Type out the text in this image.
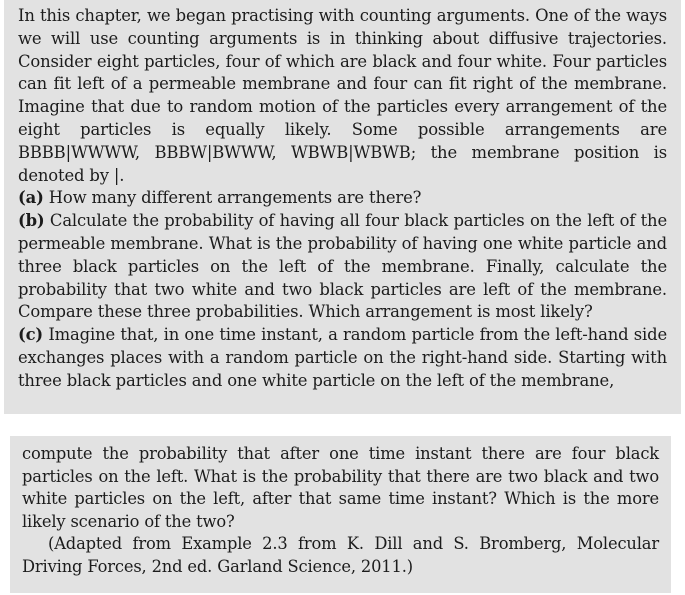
In this chapter, we began practising with counting arguments. One of the ways we will use counting arguments is in thinking about diffusive trajectories. Consider eight particles, four of which are black and four white. Four particles can fit left of a permeable membrane and four can fit right of the membrane. Imagine that due to random motion of the particles every arrangement of the eight particles is equally likely. Some possible arrangements are BBBB|WWWW, BBBW|BWWW, WBWB|WBWB; the membrane position is denoted by |.

(a) How many different arrangements are there?

(b) Calculate the probability of having all four black particles on the left of the permeable membrane. What is the probability of having one white particle and three black particles on the left of the membrane. Finally, calculate the probability that two white and two black particles are left of the membrane. Compare these three probabilities. Which arrangement is most likely?

(c) Imagine that, in one time instant, a random particle from the left-hand side exchanges places with a random particle on the right-hand side. Starting with three black particles and one white particle on the left of the membrane,

compute the probability that after one time instant there are four black particles on the left. What is the probability that there are two black and two white particles on the left, after that same time instant? Which is the more likely scenario of the two?

(Adapted from Example 2.3 from K. Dill and S. Bromberg, Molecular Driving Forces, 2nd ed. Garland Science, 2011.)
